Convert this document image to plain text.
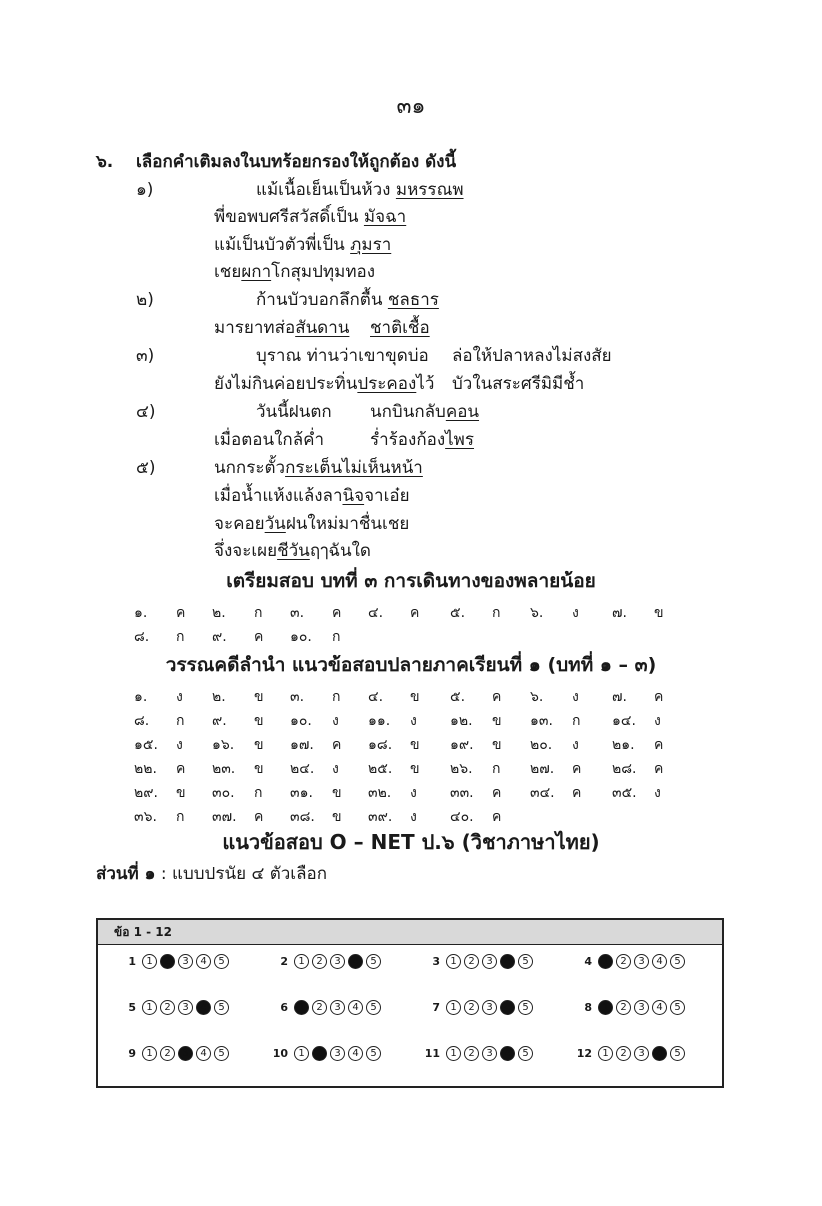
๓๑
๖. เลือกคำเติมลงในบทร้อยกรองให้ถูกต้อง ดังนี้
๑)	แม้เนื้อเย็นเป็นห้วง มหรรณพ
พี่ขอพบศรีสวัสดิ์เป็น มัจฉา
แม้เป็นบัวตัวพี่เป็น ภุมรา
เชยผกาโกสุมปทุมทอง
๒)	ก้านบัวบอกลึกตื้น ชลธาร
มารยาทส่อสันดาน ชาติเชื้อ
๓)	บุราณ ท่านว่าเขาขุดบ่อ ล่อให้ปลาหลงไม่สงสัย
ยังไม่กินค่อยประทิ่นประคองไว้ บัวในสระศรีมิมีช้ำ
๔)	วันนี้ฝนตก นกบินกลับคอน
เมื่อตอนใกล้ค่ำ	ร่ำร้องก้องไพร
๕)	นกกระตั้วกระเต็นไม่เห็นหน้า
เมื่อน้ำแห้งแล้งลานิจจาเอ๋ย
จะคอยวันฝนใหม่มาชื่นเชย
จึ่งจะเผยชีวันฤๅฉันใด
เตรียมสอบ บทที่ ๓ การเดินทางของพลายน้อย
๑. ค ๒. ก ๓. ค ๔. ค ๕. ก ๖. ง ๗. ข
๘. ก ๙. ค ๑๐. ก
วรรณคดีลำนำ แนวข้อสอบปลายภาคเรียนที่ ๑ (บทที่ ๑ – ๓)
๑. ง ๒. ข ๓. ก ๔. ข ๕. ค ๖. ง ๗. ค
๘. ก ๙. ข ๑๐. ง ๑๑. ง ๑๒. ข ๑๓. ก ๑๔. ง
๑๕. ง ๑๖. ข ๑๗. ค ๑๘. ข ๑๙. ข ๒๐. ง ๒๑. ค
๒๒. ค ๒๓. ข ๒๔. ง ๒๕. ข ๒๖. ก ๒๗. ค ๒๘. ค
๒๙. ข ๓๐. ก ๓๑. ข ๓๒. ง ๓๓. ค ๓๔. ค ๓๕. ง
๓๖. ก ๓๗. ค ๓๘. ข ๓๙. ง ๔๐. ค
แนวข้อสอบ O – NET ป.๖ (วิชาภาษาไทย)
ส่วนที่ ๑ : แบบปรนัย ๔ ตัวเลือก
ข้อ 1 - 12
1	1	2	3	4	5	2	1	2	3	4	5	3	1	2	3	4	5	4	1	2	3	4	5
5	1	2	3	4	5	6	1	2	3	4	5	7	1	2	3	4	5	8	1	2	3	4	5
9	1	2	3	4	5	10	1	2	3	4	5	11	1	2	3	4	5	12	1	2	3	4	5
